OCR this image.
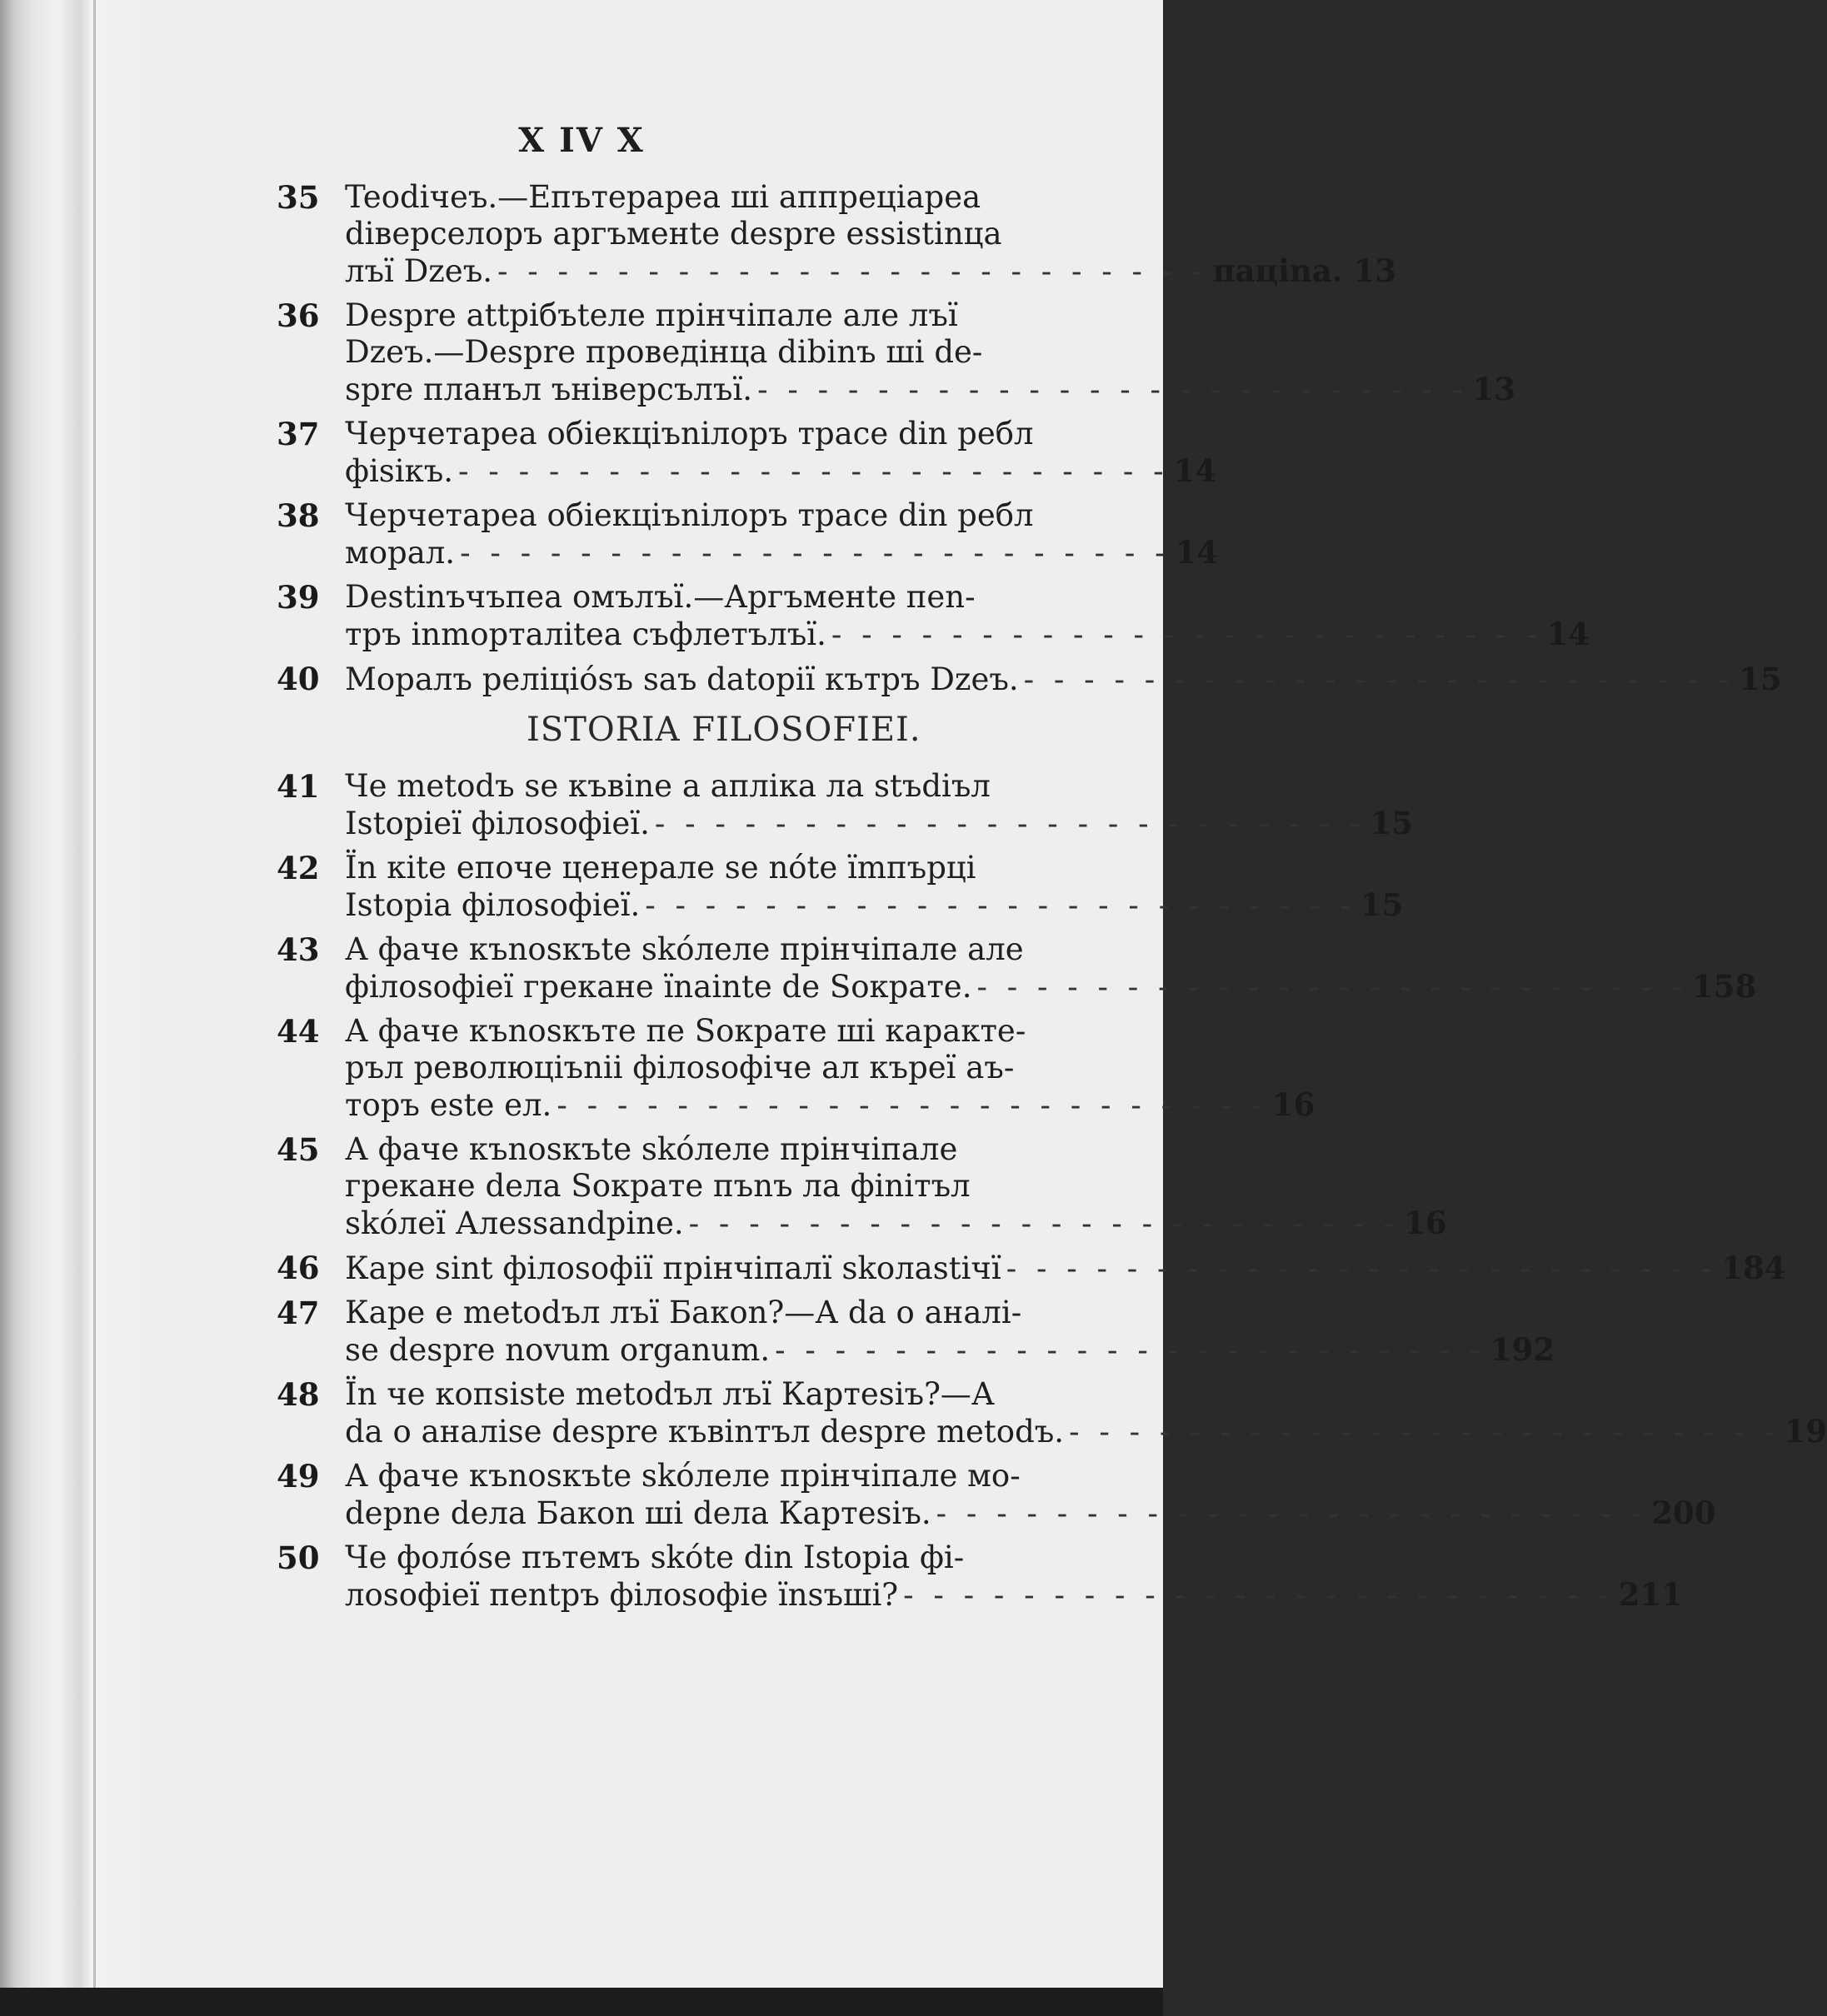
X IV X
35 Teodiчеъ.—Епътерареа ші аппреціареа
diверселоръ аргъменte despre essistinца
лъї Dzeъ. - - - - - - - - - - - - - - - - - - - - - - - - паціna. 13
36 Despre attpiбъteле прінчіпале але лъї
Dzeъ.—Despre проведінца dibinъ ші de-
spre планъл ъніверсълъї. - - - - - - - - - - - - - - - - - - - - - - - - 13
37 Черчетареа обіекціъnілоръ трасe din ребл
фisiкъ. - - - - - - - - - - - - - - - - - - - - - - - - 14
38 Черчетареа обіекціъnілоръ трасe din ребл
морал. - - - - - - - - - - - - - - - - - - - - - - - - 14
39 Destinъчъпеа омълъї.—Аргъменte пеn-
тръ іnmopталіteа съфлетълъї. - - - - - - - - - - - - - - - - - - - - - - - - 14
40 Моралъ реліціósъ saъ datopiї кътръ Dzeъ. - - - - - - - - - - - - - - - - - - - - - - - - 15
ISTORIA FILOSOFIEI.
41 Че metodъ se къвіne а апліка ла stъdiъл
Istopieї філоsофіеї. - - - - - - - - - - - - - - - - - - - - - - - - 15
42 Їn кite епоче ценерале se nóte їmпърці
Istopia філоsофіеї. - - - - - - - - - - - - - - - - - - - - - - - - 15
43 А фаче къnоsкъte skóлеле прінчіпале але
філоsофіеї грекане їnainte de Sократе. - - - - - - - - - - - - - - - - - - - - - - - - 158
44 А фаче къnоsкъте пе Sократе ші каракте-
ръл революціъnіі філоsофіче ал кърeї аъ-
торъ este ел. - - - - - - - - - - - - - - - - - - - - - - - - 16
45 А фаче къnоsкъte skóлеле прінчіпале
грекане dела Sократе пъnъ ла фіnітъл
skóлеї Алеssandpine. - - - - - - - - - - - - - - - - - - - - - - - - 16
46 Каре sint філоsофії прінчіпалї skoлаstічї - - - - - - - - - - - - - - - - - - - - - - - - 184
47 Каре е metodъл лъї Бакоn?—А da о аналі-
se despre novum organum. - - - - - - - - - - - - - - - - - - - - - - - - 192
48 Їn че копsiste metodъл лъї Картеsіъ?—А
da о аналіsе despre къвіnтъл despre metodъ. - - - - - - - - - - - - - - - - - - - - - - - - 19
49 А фаче къnоsкъte skóлеле прінчіпале мо-
dерne dела Бакоn ші dела Картеsіъ. - - - - - - - - - - - - - - - - - - - - - - - - 200
50 Че фолóse пътемъ skóte din Istopia фі-
лоsофіеї пеntръ філоsофіе їnsъші? - - - - - - - - - - - - - - - - - - - - - - - - 211
